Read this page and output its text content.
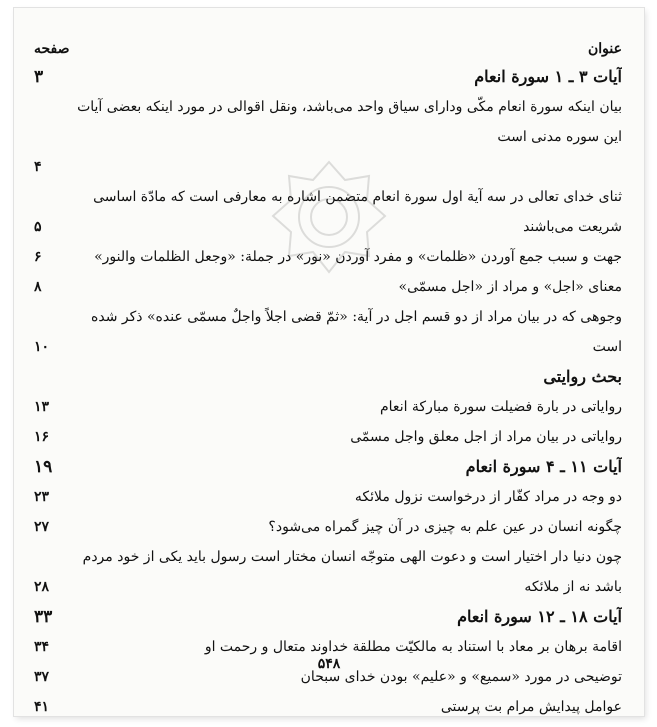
عنوان
صفحه
آیات ۳ ـ ۱ سورة انعام
۳
بیان اینکه سورة انعام مکّی ودارای سیاق واحد می‌باشد، ونقل اقوالی در مورد اینکه بعضی آیات
این سوره مدنی است
۴
ثنای خدای تعالی در سه آیة اول سورة انعام متضمن اشاره به معارفی است که مادّة اساسی
شریعت می‌باشند
۵
جهت و سبب جمع آوردن «ظلمات» و مفرد آوردن «نور» در جملة: «وجعل الظلمات والنور»
۶
معنای «اجل» و مراد از «اجل مسمّی»
۸
وجوهی که در بیان مراد از دو قسم اجل در آیة: «ثمّ قضی اجلاً واجلٌ مسمّی عنده» ذکر شده
است
۱۰
بحث روایتی
روایاتی در بارة فضیلت سورة مبارکة انعام
۱۳
روایاتی در بیان مراد از اجل معلق واجل مسمّی
۱۶
آیات ۱۱ ـ ۴ سورة انعام
۱۹
دو وجه در مراد کفّار از درخواست نزول ملائکه
۲۳
چگونه انسان در عین علم به چیزی در آن چیز گمراه می‌شود؟
۲۷
چون دنیا دار اختیار است و دعوت الهی متوجّه انسان مختار است رسول باید یکی از خود مردم
باشد نه از ملائکه
۲۸
آیات ۱۸ ـ ۱۲ سورة انعام
۳۳
اقامة برهان بر معاد با استناد به مالکیّت مطلقة خداوند متعال و رحمت او
۳۴
توضیحی در مورد «سمیع» و «علیم» بودن خدای سبحان
۳۷
عوامل پیدایش مرام بت پرستی
۴۱
۵۴۸
